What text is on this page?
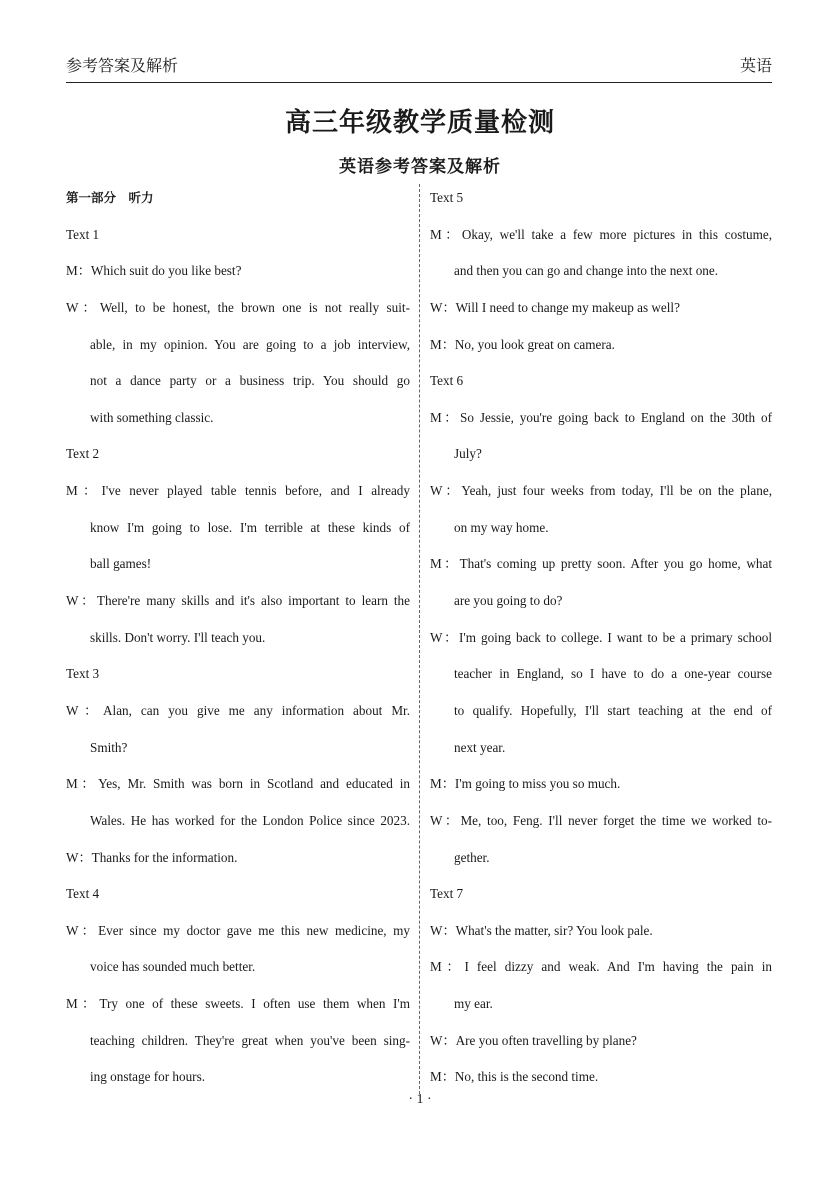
参考答案及解析	英语
高三年级教学质量检测
英语参考答案及解析
第一部分　听力
Text 1
M：Which suit do you like best?
W：Well, to be honest, the brown one is not really suit-
able, in my opinion. You are going to a job interview,
not a dance party or a business trip. You should go
with something classic.
Text 2
M：I've never played table tennis before, and I already
know I'm going to lose. I'm terrible at these kinds of
ball games!
W：There're many skills and it's also important to learn the
skills. Don't worry. I'll teach you.
Text 3
W：Alan, can you give me any information about Mr.
Smith?
M：Yes, Mr. Smith was born in Scotland and educated in
Wales. He has worked for the London Police since 2023.
W：Thanks for the information.
Text 4
W：Ever since my doctor gave me this new medicine, my
voice has sounded much better.
M：Try one of these sweets. I often use them when I'm
teaching children. They're great when you've been sing-
ing onstage for hours.
Text 5
M：Okay, we'll take a few more pictures in this costume,
and then you can go and change into the next one.
W：Will I need to change my makeup as well?
M：No, you look great on camera.
Text 6
M：So Jessie, you're going back to England on the 30th of
July?
W：Yeah, just four weeks from today, I'll be on the plane,
on my way home.
M：That's coming up pretty soon. After you go home, what
are you going to do?
W：I'm going back to college. I want to be a primary school
teacher in England, so I have to do a one-year course
to qualify. Hopefully, I'll start teaching at the end of
next year.
M：I'm going to miss you so much.
W：Me, too, Feng. I'll never forget the time we worked to-
gether.
Text 7
W：What's the matter, sir? You look pale.
M：I feel dizzy and weak. And I'm having the pain in
my ear.
W：Are you often travelling by plane?
M：No, this is the second time.
· 1 ·
